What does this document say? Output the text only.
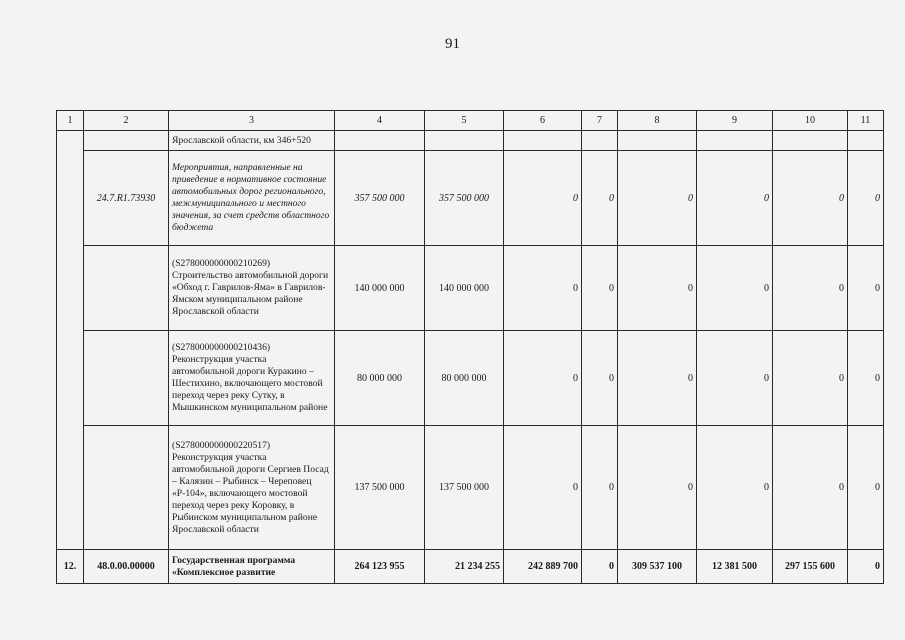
91
1	2	3	4	5	6	7	8	9	10	11
		Ярославской области, км 346+520								
	24.7.R1.73930	Мероприятия, направленные на приведение в нормативное состояние автомобильных дорог регионального, межмуниципального и местного значения, за счет средств областного бюджета	357 500 000	357 500 000	0	0	0	0	0	0
		(S278000000000210269) Строительство автомобильной дороги «Обход г. Гаврилов-Яма» в Гаврилов-Ямском муниципальном районе Ярославской области	140 000 000	140 000 000	0	0	0	0	0	0
		(S278000000000210436) Реконструкция участка автомобильной дороги Куракино – Шестихино, включающего мостовой переход через реку Сутку, в Мышкинском муниципальном районе	80 000 000	80 000 000	0	0	0	0	0	0
		(S278000000000220517) Реконструкция участка автомобильной дороги Сергиев Посад – Калязин – Рыбинск – Череповец «Р-104», включающего мостовой переход через реку Коровку, в Рыбинском муниципальном районе Ярославской области	137 500 000	137 500 000	0	0	0	0	0	0
12.	48.0.00.00000	Государственная программа «Комплексное развитие	264 123 955	21 234 255	242 889 700	0	309 537 100	12 381 500	297 155 600	0
